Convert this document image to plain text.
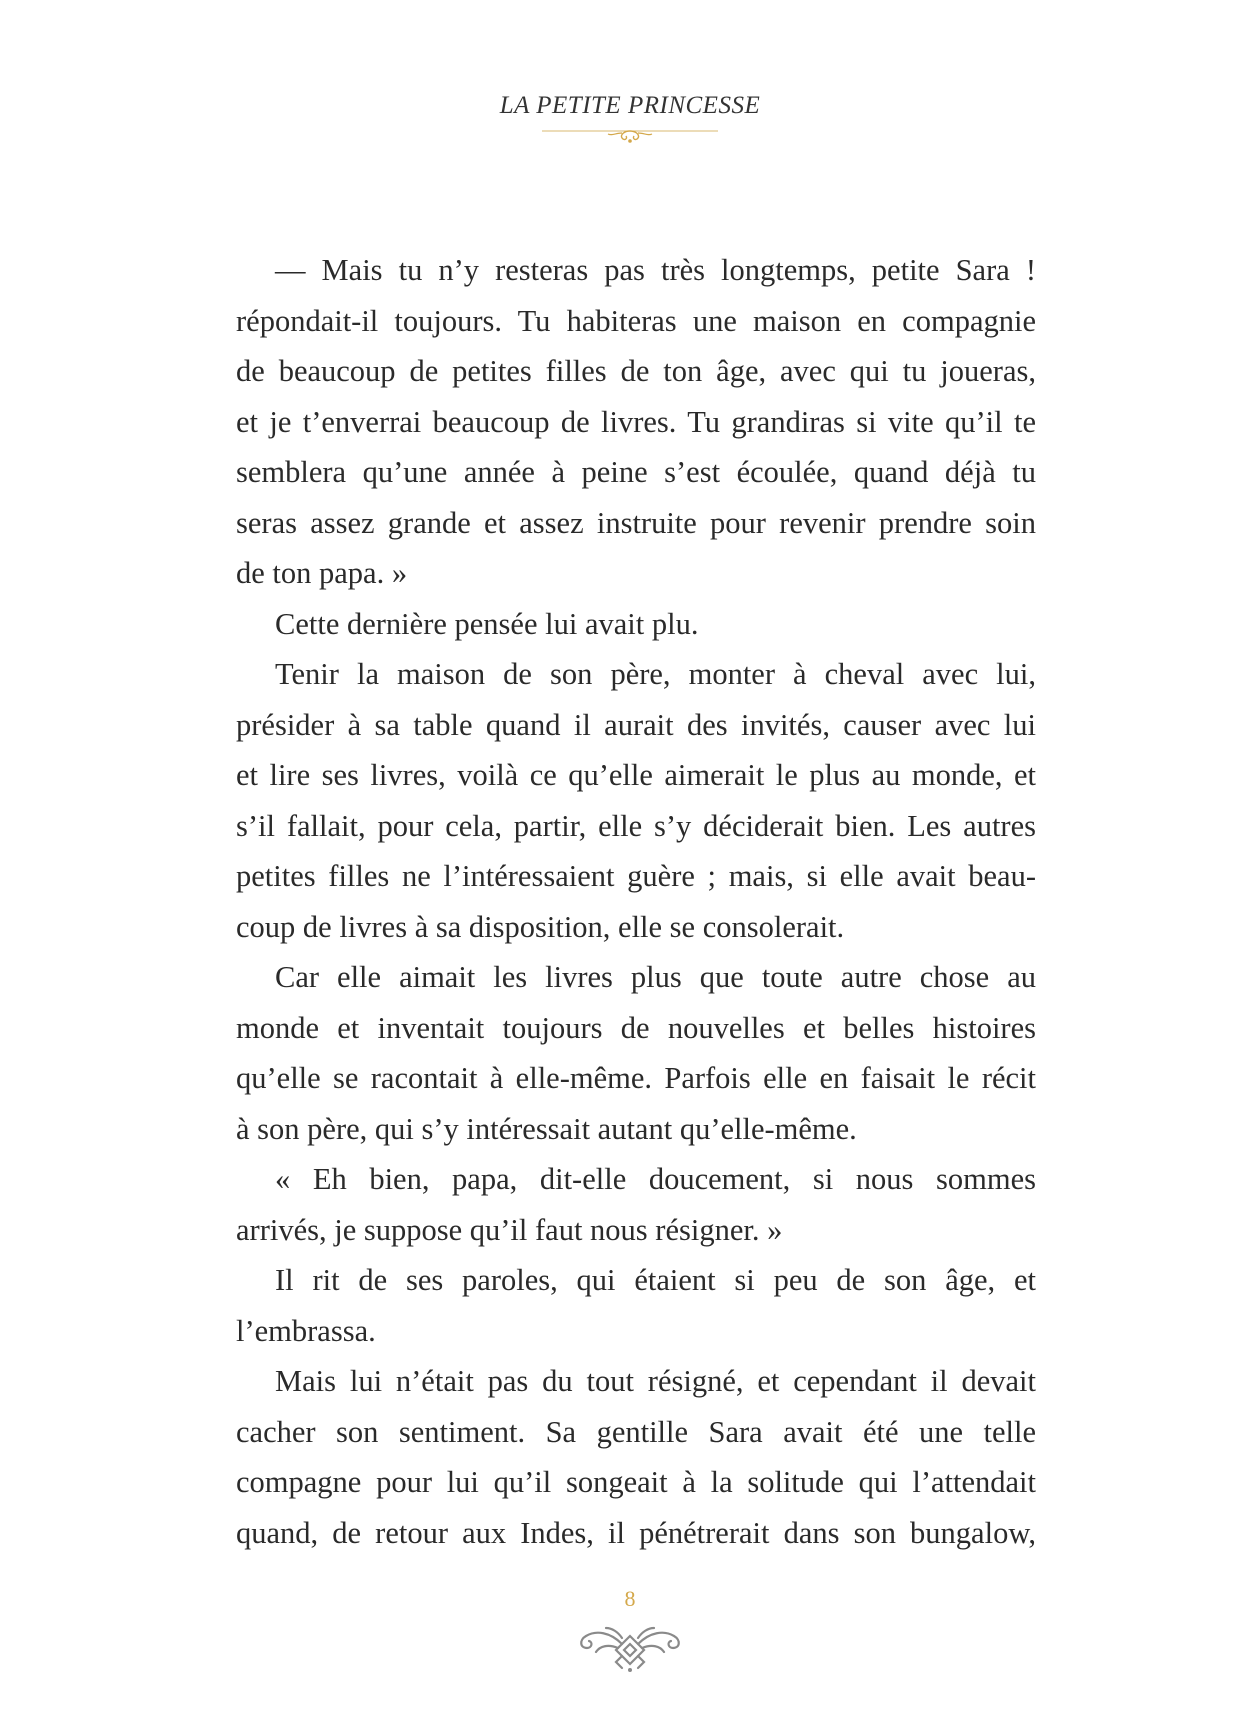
LA PETITE PRINCESSE
— Mais tu n’y resteras pas très longtemps, petite Sara !
répondait-il toujours. Tu habiteras une maison en compagnie
de beaucoup de petites filles de ton âge, avec qui tu joueras,
et je t’enverrai beaucoup de livres. Tu grandiras si vite qu’il te
semblera qu’une année à peine s’est écoulée, quand déjà tu
seras assez grande et assez instruite pour revenir prendre soin
de ton papa. »
Cette dernière pensée lui avait plu.
Tenir la maison de son père, monter à cheval avec lui,
présider à sa table quand il aurait des invités, causer avec lui
et lire ses livres, voilà ce qu’elle aimerait le plus au monde, et
s’il fallait, pour cela, partir, elle s’y déciderait bien. Les autres
petites filles ne l’intéressaient guère ; mais, si elle avait beau-
coup de livres à sa disposition, elle se consolerait.
Car elle aimait les livres plus que toute autre chose au
monde et inventait toujours de nouvelles et belles histoires
qu’elle se racontait à elle-même. Parfois elle en faisait le récit
à son père, qui s’y intéressait autant qu’elle-même.
« Eh bien, papa, dit-elle doucement, si nous sommes
arrivés, je suppose qu’il faut nous résigner. »
Il rit de ses paroles, qui étaient si peu de son âge, et
l’embrassa.
Mais lui n’était pas du tout résigné, et cependant il devait
cacher son sentiment. Sa gentille Sara avait été une telle
compagne pour lui qu’il songeait à la solitude qui l’attendait
quand, de retour aux Indes, il pénétrerait dans son bungalow,
8
